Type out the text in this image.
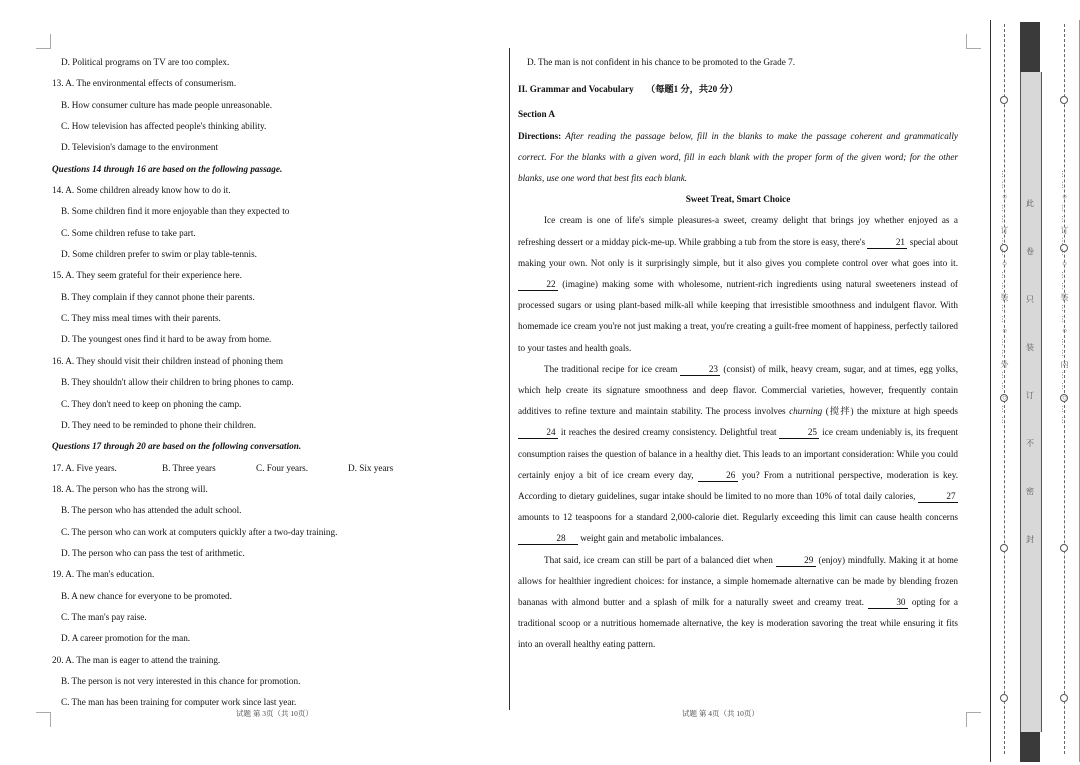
D. Political programs on TV are too complex.
13. A. The environmental effects of consumerism.
B. How consumer culture has made people unreasonable.
C. How television has affected people's thinking ability.
D. Television's damage to the environment
Questions 14 through 16 are based on the following passage.
14. A. Some children already know how to do it.
B. Some children find it more enjoyable than they expected to
C. Some children refuse to take part.
D. Some children prefer to swim or play table-tennis.
15. A. They seem grateful for their experience here.
B. They complain if they cannot phone their parents.
C. They miss meal times with their parents.
D. The youngest ones find it hard to be away from home.
16. A. They should visit their children instead of phoning them
B. They shouldn't allow their children to bring phones to camp.
C. They don't need to keep on phoning the camp.
D. They need to be reminded to phone their children.
Questions 17 through 20 are based on the following conversation.
17. A. Five years.	B. Three years	C. Four years.	D. Six years
18. A. The person who has the strong will.
B. The person who has attended the adult school.
C. The person who can work at computers quickly after a two-day training.
D. The person who can pass the test of arithmetic.
19. A. The man's education.
B. A new chance for everyone to be promoted.
C. The man's pay raise.
D. A career promotion for the man.
20. A. The man is eager to attend the training.
B. The person is not very interested in this chance for promotion.
C. The man has been training for computer work since last year.
试题 第 3页（共 10页）	试题 第 4页（共 10页）
D. The man is not confident in his chance to be promoted to the Grade 7.
II. Grammar and Vocabulary （每题1 分，共20 分）
Section A

Directions: After reading the passage below, fill in the blanks to make the passage coherent and grammatically correct. For the blanks with a given word, fill in each blank with the proper form of the given word; for the other blanks, use one word that best fits each blank.

Sweet Treat, Smart Choice

Ice cream is one of life's simple pleasures-a sweet, creamy delight that brings joy whether enjoyed as a refreshing dessert or a midday pick-me-up. While grabbing a tub from the store is easy, there's	21 special about making your own. Not only is it surprisingly simple, but it also gives you complete control over what goes into it. 22 (imagine) making some with wholesome, nutrient-rich ingredients using natural sweeteners instead of processed sugars or using plant-based milk-all while keeping that irresistible smoothness and indulgent flavor. With homemade ice cream you're not just making a treat, you're creating a guilt-free moment of happiness, perfectly tailored to your tastes and health goals.

The traditional recipe for ice cream	23 (consist) of milk, heavy cream, sugar, and at times, egg yolks, which help create its signature smoothness and deep flavor. Commercial varieties, however, frequently contain additives to refine texture and maintain stability. The process involves churning (搅拌) the mixture at high speeds 24 it reaches the desired creamy consistency. Delightful treat	25 ice cream undeniably is, its frequent consumption raises the question of balance in a healthy diet. This leads to an important consideration: While you could certainly enjoy a bit of ice cream every day,	26 you? From a nutritional perspective, moderation is key. According to dietary guidelines, sugar intake should be limited to no more than 10% of total daily calories,	27 amounts to 12 teaspoons for a standard 2,000-calorie diet. Regularly exceeding this limit can cause health concerns 28 weight gain and metabolic imbalances.

That said, ice cream can still be part of a balanced diet when	29 (enjoy) mindfully. Making it at home allows for healthier ingredient choices: for instance, a simple homemade alternative can be made by blending frozen bananas with almond butter and a splash of milk for a naturally sweet and creamy treat.	30 opting for a traditional scoop or a nutritious homemade alternative, the key is moderation savoring the treat while ensuring it fits into an overall healthy eating pattern.

……○……订……○……装……○……外……○……	……○……订……○……装……○……内……○……
此
卷
只
装
订
不
密
封
